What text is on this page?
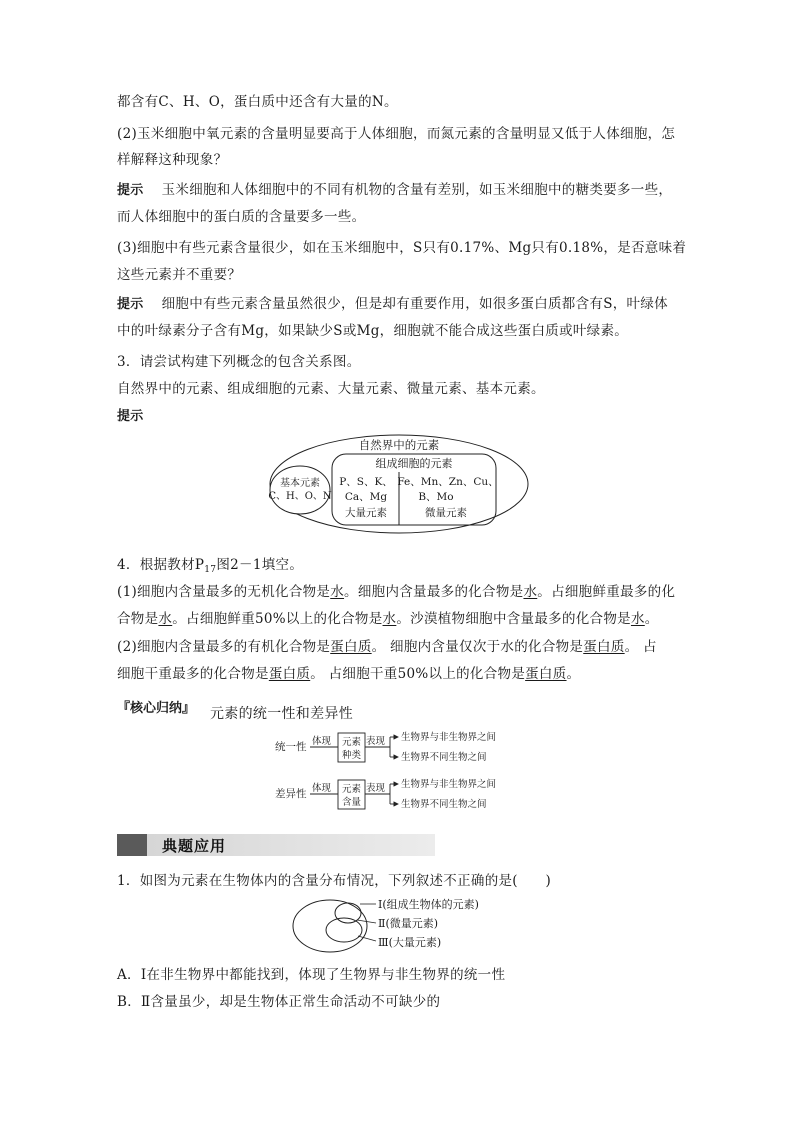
都含有C、H、O，蛋白质中还含有大量的N。
(2)玉米细胞中氧元素的含量明显要高于人体细胞，而氮元素的含量明显又低于人体细胞，怎
样解释这种现象？
提示 玉米细胞和人体细胞中的不同有机物的含量有差别，如玉米细胞中的糖类要多一些，
而人体细胞中的蛋白质的含量要多一些。
(3)细胞中有些元素含量很少，如在玉米细胞中，S只有0.17%、Mg只有0.18%，是否意味着
这些元素并不重要？
提示 细胞中有些元素含量虽然很少，但是却有重要作用，如很多蛋白质都含有S，叶绿体
中的叶绿素分子含有Mg，如果缺少S或Mg，细胞就不能合成这些蛋白质或叶绿素。
3．请尝试构建下列概念的包含关系图。
自然界中的元素、组成细胞的元素、大量元素、微量元素、基本元素。
提示
自然界中的元素
组成细胞的元素
基本元素
C、H、O、N
P、S、K、
Ca、Mg
大量元素
Fe、Mn、Zn、Cu、
B、Mo
微量元素
4．根据教材$P_{17}$图2－1填空。
(1)细胞内含量最多的无机化合物是水。细胞内含量最多的化合物是水。占细胞鲜重最多的化
合物是水。占细胞鲜重50%以上的化合物是水。沙漠植物细胞中含量最多的化合物是水。
(2)细胞内含量最多的有机化合物是蛋白质。 细胞内含量仅次于水的化合物是蛋白质。 占
细胞干重最多的化合物是蛋白质。 占细胞干重50%以上的化合物是蛋白质。
『核心归纳』 元素的统一性和差异性
统一性 体现 元素
种类
表现 生物界与非生物界之间
生物界不同生物之间
差异性 体现 元素
含量
表现 生物界与非生物界之间
生物界不同生物之间
典题应用
1．如图为元素在生物体内的含量分布情况，下列叙述不正确的是(　　)
Ⅰ(组成生物体的元素)
Ⅱ(微量元素)
Ⅲ(大量元素)
A．Ⅰ在非生物界中都能找到，体现了生物界与非生物界的统一性
B．Ⅱ含量虽少，却是生物体正常生命活动不可缺少的
